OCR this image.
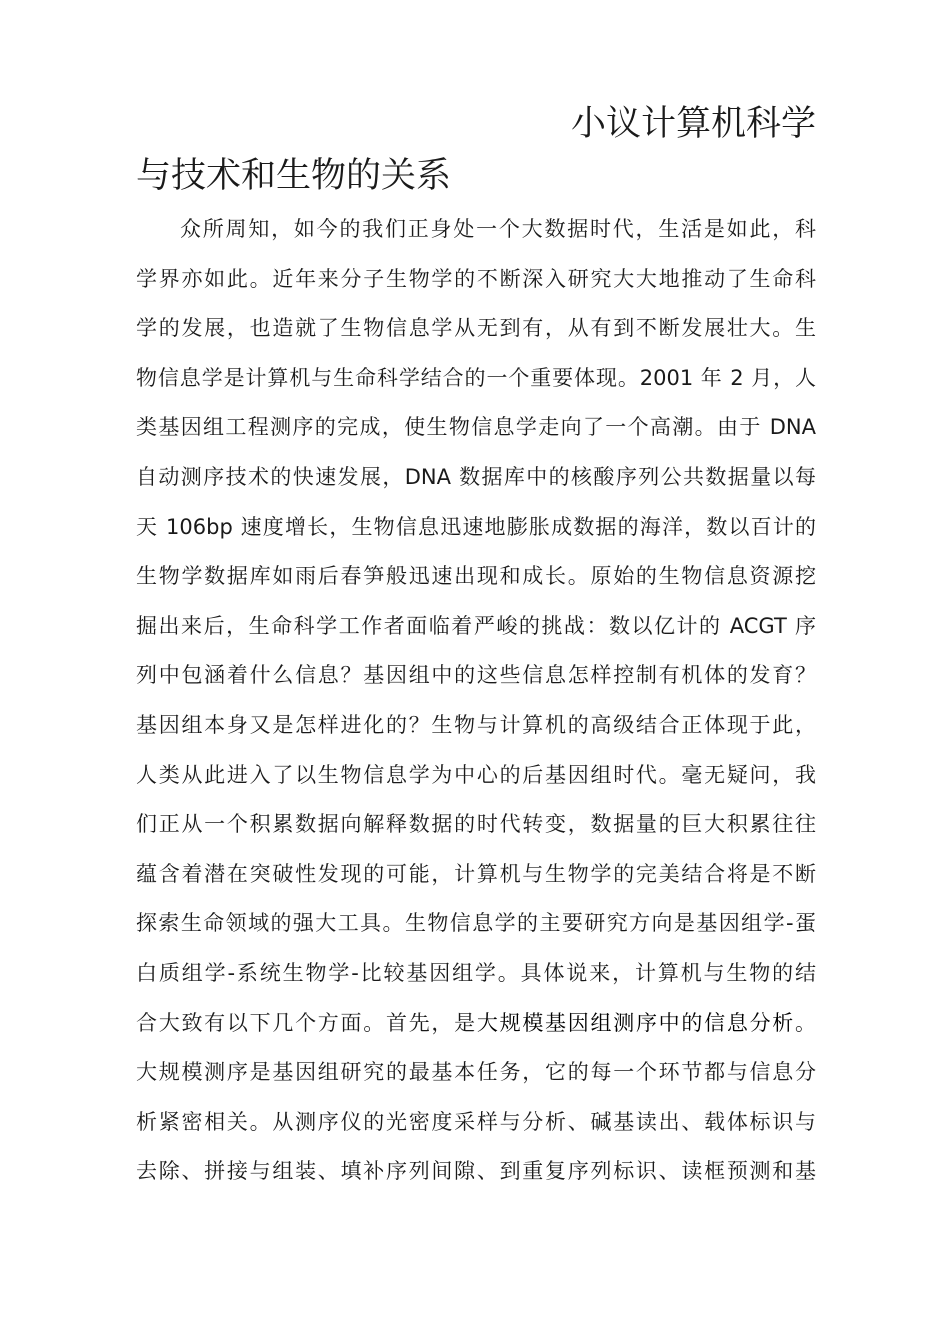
小议计算机科学
与技术和生物的关系
众所周知，如今的我们正身处一个大数据时代，生活是如此，科
学界亦如此。近年来分子生物学的不断深入研究大大地推动了生命科
学的发展，也造就了生物信息学从无到有，从有到不断发展壮大。生
物信息学是计算机与生命科学结合的一个重要体现。2001 年 2 月，人
类基因组工程测序的完成，使生物信息学走向了一个高潮。由于 DNA
自动测序技术的快速发展，DNA 数据库中的核酸序列公共数据量以每
天 106bp 速度增长，生物信息迅速地膨胀成数据的海洋，数以百计的
生物学数据库如雨后春笋般迅速出现和成长。原始的生物信息资源挖
掘出来后，生命科学工作者面临着严峻的挑战：数以亿计的 ACGT 序
列中包涵着什么信息？基因组中的这些信息怎样控制有机体的发育？
基因组本身又是怎样进化的？生物与计算机的高级结合正体现于此，
人类从此进入了以生物信息学为中心的后基因组时代。毫无疑问，我
们正从一个积累数据向解释数据的时代转变，数据量的巨大积累往往
蕴含着潜在突破性发现的可能，计算机与生物学的完美结合将是不断
探索生命领域的强大工具。生物信息学的主要研究方向是基因组学-蛋
白质组学-系统生物学-比较基因组学。具体说来，计算机与生物的结
合大致有以下几个方面。首先，是大规模基因组测序中的信息分析。
大规模测序是基因组研究的最基本任务，它的每一个环节都与信息分
析紧密相关。从测序仪的光密度采样与分析、碱基读出、载体标识与
去除、拼接与组装、填补序列间隙、到重复序列标识、读框预测和基
